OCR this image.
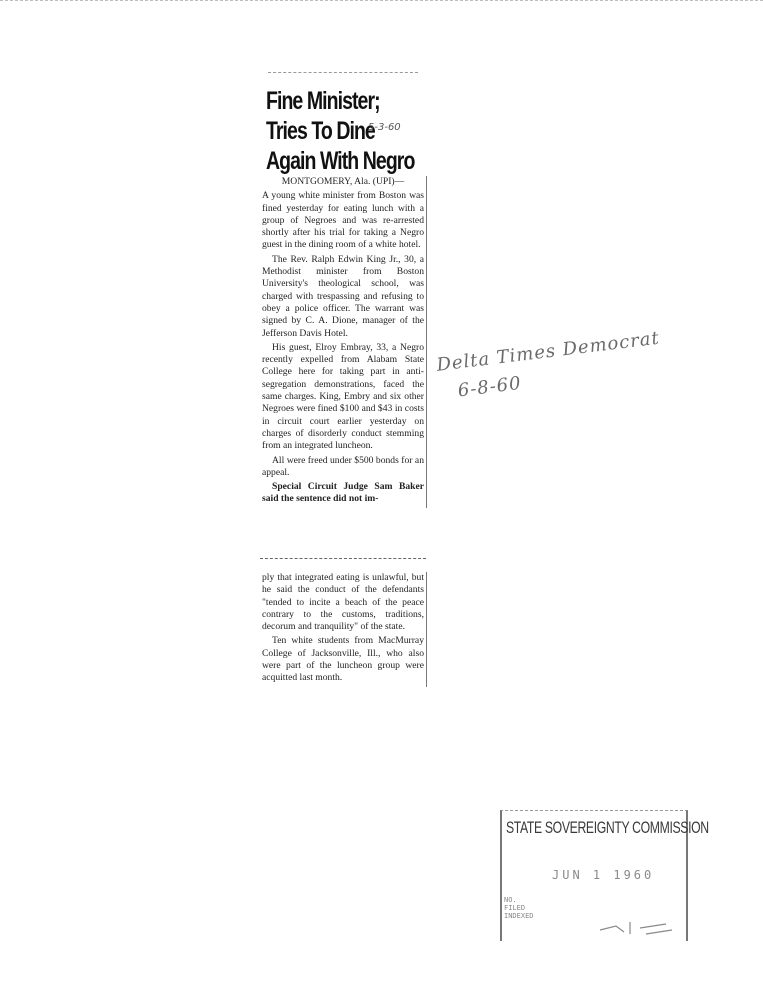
Fine Minister;
Tries To Dine
Again With Negro
5-3-60

MONTGOMERY, Ala. (UPI)—

A young white minister from Boston was fined yesterday for eating lunch with a group of Negroes and was re-arrested shortly after his trial for taking a Negro guest in the dining room of a white hotel.

The Rev. Ralph Edwin King Jr., 30, a Methodist minister from Boston University's theological school, was charged with trespassing and refusing to obey a police officer. The warrant was signed by C. A. Dione, manager of the Jefferson Davis Hotel.

His guest, Elroy Embray, 33, a Negro recently expelled from Alabam State College here for taking part in anti-segregation demonstrations, faced the same charges. King, Embry and six other Negroes were fined $100 and $43 in costs in circuit court earlier yesterday on charges of disorderly conduct stemming from an integrated luncheon.

All were freed under $500 bonds for an appeal.

Special Circuit Judge Sam Baker said the sentence did not im-

ply that integrated eating is unlawful, but he said the conduct of the defendants "tended to incite a beach of the peace contrary to the customs, traditions, decorum and tranquility" of the state.

Ten white students from MacMurray College of Jacksonville, Ill., who also were part of the luncheon group were acquitted last month.

Delta Times Democrat
6-8-60
STATE SOVEREIGNTY COMMISSION
JUN 1 1960
NO.
FILED
INDEXED
